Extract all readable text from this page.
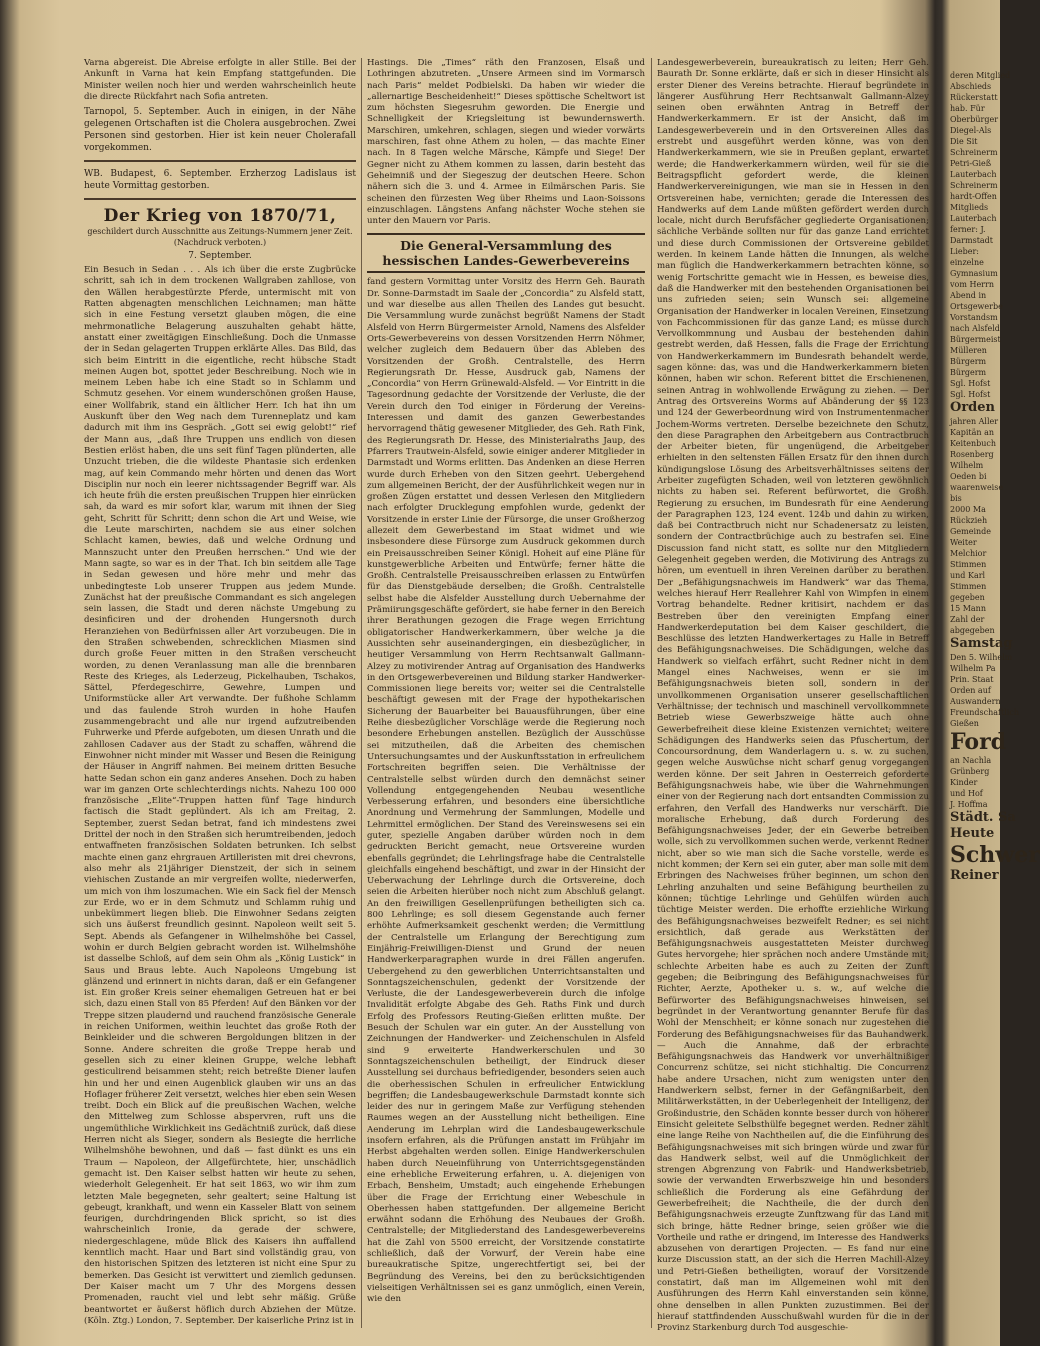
Varna abgereist. Die Abreise erfolgte in aller Stille. Bei der Ankunft in Varna hat kein Empfang stattgefunden. Die Minister weilen noch hier und werden wahrscheinlich heute die directe Rückfahrt nach Sofia antreten.

Tarnopol, 5. September. Auch in einigen, in der Nähe gelegenen Ortschaften ist die Cholera ausgebrochen. Zwei Personen sind gestorben. Hier ist kein neuer Cholerafall vorgekommen.

WB. Budapest, 6. September. Erzherzog Ladislaus ist heute Vormittag gestorben.

Der Krieg von 1870/71,

geschildert durch Ausschnitte aus Zeitungs-Nummern jener Zeit. (Nachdruck verboten.)

7. September.

Ein Besuch in Sedan . . . Als ich über die erste Zugbrücke schritt, sah ich in dem trockenen Wallgraben zahllose, von den Wällen herabgestürzte Pferde, untermischt mit von Ratten abgenagten menschlichen Leichnamen; man hätte sich in eine Festung versetzt glauben mögen, die eine mehrmonatliche Belagerung auszuhalten gehabt hätte, anstatt einer zweitägigen Einschließung. Doch die Unmasse der in Sedan gelagerten Truppen erklärte Alles. Das Bild, das sich beim Eintritt in die eigentliche, recht hübsche Stadt meinen Augen bot, spottet jeder Beschreibung. Noch wie in meinem Leben habe ich eine Stadt so in Schlamm und Schmutz gesehen. Vor einem wunderschönen großen Hause, einer Wollfabrik, stand ein ältlicher Herr. Ich hat ihn um Auskunft über den Weg nach dem Turenneplatz und kam dadurch mit ihm ins Gespräch. „Gott sei ewig gelobt!“ rief der Mann aus, „daß Ihre Truppen uns endlich von diesen Bestien erlöst haben, die uns seit fünf Tagen plünderten, alle Unzucht trieben, die die wildeste Phantasie sich erdenken mag, auf kein Commando mehr hörten und denen das Wort Disciplin nur noch ein leerer nichtssagender Begriff war. Als ich heute früh die ersten preußischen Truppen hier einrücken sah, da ward es mir sofort klar, warum mit ihnen der Sieg geht, Schritt für Schritt; denn schon die Art und Weise, wie die Leute marschirten, nachdem sie aus einer solchen Schlacht kamen, bewies, daß und welche Ordnung und Mannszucht unter den Preußen herrschen.“ Und wie der Mann sagte, so war es in der That. Ich bin seitdem alle Tage in Sedan gewesen und höre mehr und mehr das unbedingteste Lob unserer Truppen aus jedem Munde. Zunächst hat der preußische Commandant es sich angelegen sein lassen, die Stadt und deren nächste Umgebung zu desinficiren und der drohenden Hungersnoth durch Heranziehen von Bedürfnissen aller Art vorzubeugen. Die in den Straßen schwebenden, schrecklichen Miasmen sind durch große Feuer mitten in den Straßen verscheucht worden, zu denen Veranlassung man alle die brennbaren Reste des Krieges, als Lederzeug, Pickelhauben, Tschakos, Sättel, Pferdegeschirre, Gewehre, Lumpen und Uniformstücke aller Art verwandte. Der fußhohe Schlamm und das faulende Stroh wurden in hohe Haufen zusammengebracht und alle nur irgend aufzutreibenden Fuhrwerke und Pferde aufgeboten, um diesen Unrath und die zahllosen Cadaver aus der Stadt zu schaffen, während die Einwohner nicht minder mit Wasser und Besen die Reinigung der Häuser in Angriff nahmen. Bei meinem dritten Besuche hatte Sedan schon ein ganz anderes Ansehen. Doch zu haben war im ganzen Orte schlechterdings nichts. Nahezu 100 000 französische „Elite“-Truppen hatten fünf Tage hindurch factisch die Stadt geplündert. Als ich am Freitag, 2. September, zuerst Sedan betrat, fand ich mindestens zwei Drittel der noch in den Straßen sich herumtreibenden, jedoch entwaffneten französischen Soldaten betrunken. Ich selbst machte einen ganz ehrgrauen Artilleristen mit drei chevrons, also mehr als 21jähriger Dienstzeit, der sich in seinem viehischen Zustande an mir vergreifen wollte, niederwerfen, um mich von ihm loszumachen. Wie ein Sack fiel der Mensch zur Erde, wo er in dem Schmutz und Schlamm ruhig und unbekümmert liegen blieb. Die Einwohner Sedans zeigten sich uns äußerst freundlich gesinnt. Napoleon weilt seit 5. Sept. Abends als Gefangener in Wilhelmshöhe bei Cassel, wohin er durch Belgien gebracht worden ist. Wilhelmshöhe ist dasselbe Schloß, auf dem sein Ohm als „König Lustick“ in Saus und Braus lebte. Auch Napoleons Umgebung ist glänzend und erinnert in nichts daran, daß er ein Gefangener ist. Ein großer Kreis seiner ehemaligen Getreuen hat er bei sich, dazu einen Stall von 85 Pferden! Auf den Bänken vor der Treppe sitzen plaudernd und rauchend französische Generale in reichen Uniformen, weithin leuchtet das große Roth der Beinkleider und die schweren Bergoldungen blitzen in der Sonne. Andere schreiten die große Treppe herab und gesellen sich zu einer kleinen Gruppe, welche lebhaft gesticulirend beisammen steht; reich betreßte Diener laufen hin und her und einen Augenblick glauben wir uns an das Hoflager früherer Zeit versetzt, welches hier eben sein Wesen treibt. Doch ein Blick auf die preußischen Wachen, welche den Mittelweg zum Schlosse abspervren, ruft uns die ungemüthliche Wirklichkeit ins Gedächtniß zurück, daß diese Herren nicht als Sieger, sondern als Besiegte die herrliche Wilhelmshöhe bewohnen, und daß — fast dünkt es uns ein Traum — Napoleon, der Allgefürchtete, hier, unschädlich gemacht ist. Den Kaiser selbst hatten wir heute zu sehen, wiederholt Gelegenheit. Er hat seit 1863, wo wir ihm zum letzten Male begegneten, sehr gealtert; seine Haltung ist gebeugt, krankhaft, und wenn ein Kasseler Blatt von seinem feurigen, durchdringenden Blick spricht, so ist dies wahrscheinlich Ironie, da gerade der schwere, niedergeschlagene, müde Blick des Kaisers ihn auffallend kenntlich macht. Haar und Bart sind vollständig grau, von den historischen Spitzen des letzteren ist nicht eine Spur zu bemerken. Das Gesicht ist verwittert und ziemlich gedunsen. Der Kaiser macht um 7 Uhr des Morgens dessen Promenaden, raucht viel und lebt sehr mäßig. Grüße beantwortet er äußerst höflich durch Abziehen der Mütze. (Köln. Ztg.) London, 7. September. Der kaiserliche Prinz ist in

Hastings. Die „Times“ räth den Franzosen, Elsaß und Lothringen abzutreten. „Unsere Armeen sind im Vormarsch nach Paris“ meldet Podbielski. Da haben wir wieder die „allernartige Bescheidenheit!“ Dieses spöttische Scheltwort ist zum höchsten Siegesruhm geworden. Die Energie und Schnelligkeit der Kriegsleitung ist bewundernswerth. Marschiren, umkehren, schlagen, siegen und wieder vorwärts marschiren, fast ohne Athem zu holen, — das machte Einer nach. In 8 Tagen welche Märsche, Kämpfe und Siege! Der Gegner nicht zu Athem kommen zu lassen, darin besteht das Geheimniß und der Siegeszug der deutschen Heere. Schon nähern sich die 3. und 4. Armee in Eilmärschen Paris. Sie scheinen den fürzesten Weg über Rheims und Laon-Soissons einzuschlagen. Längstens Anfang nächster Woche stehen sie unter den Mauern vor Paris.

Die General-Versammlung des hessischen Landes-Gewerbevereins

fand gestern Vormittag unter Vorsitz des Herrn Geh. Baurath Dr. Sonne-Darmstadt im Saale der „Concordia“ zu Alsfeld statt, und war dieselbe aus allen Theilen des Landes gut besucht. Die Versammlung wurde zunächst begrüßt Namens der Stadt Alsfeld von Herrn Bürgermeister Arnold, Namens des Alsfelder Orts-Gewerbevereins von dessen Vorsitzenden Herrn Nöhmer, welcher zugleich dem Bedauern über das Ableben des Vorsitzenden der Großh. Centralstelle, des Herrn Regierungsrath Dr. Hesse, Ausdruck gab, Namens der „Concordia“ von Herrn Grünewald-Alsfeld. — Vor Eintritt in die Tagesordnung gedachte der Vorsitzende der Verluste, die der Verein durch den Tod einiger in Förderung der Vereins-Interessen und damit des ganzen Gewerbestandes hervorragend thätig gewesener Mitglieder, des Geh. Rath Fink, des Regierungsrath Dr. Hesse, des Ministerialraths Jaup, des Pfarrers Trautwein-Alsfeld, sowie einiger anderer Mitglieder in Darmstadt und Worms erlitten. Das Andenken an diese Herren wurde durch Erheben von den Sitzen geehrt. Uebergehend zum allgemeinen Bericht, der der Ausführlichkeit wegen nur in großen Zügen erstattet und dessen Verlesen den Mitgliedern nach erfolgter Drucklegung empfohlen wurde, gedenkt der Vorsitzende in erster Linie der Fürsorge, die unser Großherzog allezeit dem Gewerbestand im Staat widmet und wie insbesondere diese Fürsorge zum Ausdruck gekommen durch ein Preisausschreiben Seiner Königl. Hoheit auf eine Pläne für kunstgewerbliche Arbeiten und Entwürfe; ferner hätte die Großh. Centralstelle Preisausschreiben erlassen zu Entwürfen für das Dienstgebäude derselben; die Großh. Centralstelle selbst habe die Alsfelder Ausstellung durch Uebernahme der Prämiirungsgeschäfte gefördert, sie habe ferner in den Bereich ihrer Berathungen gezogen die Frage wegen Errichtung obligatorischer Handwerkerkammern, über welche ja die Aussichten sehr auseinandergingen, ein diesbezüglicher, in heutiger Versammlung von Herrn Rechtsanwalt Gallmann-Alzey zu motivirender Antrag auf Organisation des Handwerks in den Ortsgewerbevereinen und Bildung starker Handwerker-Commissionen liege bereits vor; weiter sei die Centralstelle beschäftigt gewesen mit der Frage der hypothekarischen Sicherung der Bauarbeiter bei Bauausführungen, über eine Reihe diesbezüglicher Vorschläge werde die Regierung noch besondere Erhebungen anstellen. Bezüglich der Ausschüsse sei mitzutheilen, daß die Arbeiten des chemischen Untersuchungsamtes und der Auskunftsstation in erfreulichem Fortschreiten begriffen seien. Die Verhältnisse der Centralstelle selbst würden durch den demnächst seiner Vollendung entgegengehenden Neubau wesentliche Verbesserung erfahren, und besonders eine übersichtliche Anordnung und Vermehrung der Sammlungen, Modelle und Lehrmittel ermöglichen. Der Stand des Vereinswesens sei ein guter, spezielle Angaben darüber würden noch in dem gedruckten Bericht gemacht, neue Ortsvereine wurden ebenfalls gegründet; die Lehrlingsfrage habe die Centralstelle gleichfalls eingehend beschäftigt, und zwar in der Hinsicht der Ueberwachung der Lehrlinge durch die Ortsvereine, doch seien die Arbeiten hierüber noch nicht zum Abschluß gelangt. An den freiwilligen Gesellenprüfungen betheiligten sich ca. 800 Lehrlinge; es soll diesem Gegenstande auch ferner erhöhte Aufmerksamkeit geschenkt werden; die Vermittlung der Centralstelle um Erlangung der Berechtigung zum Einjährig-Freiwilligen-Dienst und Grund der neuen Handwerkerparagraphen wurde in drei Fällen angerufen. Uebergehend zu den gewerblichen Unterrichtsanstalten und Sonntagszeichenschulen, gedenkt der Vorsitzende der Verluste, die der Landesgewerbeverein durch die infolge Invalidität erfolgte Abgabe des Geh. Raths Fink und durch Erfolg des Professors Reuting-Gießen erlitten mußte. Der Besuch der Schulen war ein guter. An der Ausstellung von Zeichnungen der Handwerker- und Zeichenschulen in Alsfeld sind 9 erweiterte Handwerkerschulen und 30 Sonntagszeichenschulen betheiligt, der Eindruck dieser Ausstellung sei durchaus befriedigender, besonders seien auch die oberhessischen Schulen in erfreulicher Entwicklung begriffen; die Landesbaugewerkschule Darmstadt konnte sich leider des nur in geringem Maße zur Verfügung stehenden Raumes wegen an der Ausstellung nicht betheiligen. Eine Aenderung im Lehrplan wird die Landesbaugewerkschule insofern erfahren, als die Prüfungen anstatt im Frühjahr im Herbst abgehalten werden sollen. Einige Handwerkerschulen haben durch Neueinführung von Unterrichtsgegenständen eine erhebliche Erweiterung erfahren, u. A. diejenigen von Erbach, Bensheim, Umstadt; auch eingehende Erhebungen über die Frage der Errichtung einer Webeschule in Oberhessen haben stattgefunden. Der allgemeine Bericht erwähnt sodann die Erhöhung des Neubaues der Großh. Centralstelle; der Mitgliederstand des Landesgewerbevereins hat die Zahl von 5500 erreicht, der Vorsitzende constatirte schließlich, daß der Vorwurf, der Verein habe eine bureaukratische Spitze, ungerechtfertigt sei, bei der Begründung des Vereins, bei den zu berücksichtigenden vielseitigen Verhältnissen sei es ganz unmöglich, einen Verein, wie den

Landesgewerbeverein, bureaukratisch zu leiten; Herr Geh. Baurath Dr. Sonne erklärte, daß er sich in dieser Hinsicht als erster Diener des Vereins betrachte. Hierauf begründete in längerer Ausführung Herr Rechtsanwalt Gallmann-Alzey seinen oben erwähnten Antrag in Betreff der Handwerkerkammern. Er ist der Ansicht, daß im Landesgewerbeverein und in den Ortsvereinen Alles das erstrebt und ausgeführt werden könne, was von den Handwerkerkammern, wie sie in Preußen geplant, erwartet werde; die Handwerkerkammern würden, weil für sie die Beitragspflicht gefordert werde, die kleinen Handwerkervereinigungen, wie man sie in Hessen in den Ortsvereinen habe, vernichten; gerade die Interessen des Handwerks auf dem Lande müßten gefördert werden durch locale, nicht durch Berufsfächer gegliederte Organisationen; sächliche Verbände sollten nur für das ganze Land errichtet und diese durch Commissionen der Ortsvereine gebildet werden. In keinem Lande hätten die Innungen, als welche man füglich die Handwerkerkammern betrachten könne, so wenig Fortschritte gemacht wie in Hessen, es beweise dies, daß die Handwerker mit den bestehenden Organisationen bei uns zufrieden seien; sein Wunsch sei: allgemeine Organisation der Handwerker in localen Vereinen, Einsetzung von Fachcommissionen für das ganze Land; es müsse durch Vervollkommnung und Ausbau der bestehenden dahin gestrebt werden, daß Hessen, falls die Frage der Errichtung von Handwerkerkammern im Bundesrath behandelt werde, sagen könne: das, was und die Handwerkerkammern bieten können, haben wir schon. Referent bittet die Erschienenen, seinen Antrag in wohlwollende Erwägung zu ziehen. — Der Antrag des Ortsvereins Worms auf Abänderung der §§ 123 und 124 der Gewerbeordnung wird von Instrumentenmacher Jochem-Worms vertreten. Derselbe bezeichnete den Schutz, den diese Paragraphen den Arbeitgebern aus Contractbruch der Arbeiter bieten, für ungenügend, die Arbeitgeber erhielten in den seltensten Fällen Ersatz für den ihnen durch kündigungslose Lösung des Arbeitsverhältnisses seitens der Arbeiter zugefügten Schaden, weil von letzteren gewöhnlich nichts zu haben sei. Referent befürwortet, die Großh. Regierung zu ersuchen, im Bundesrath für eine Aenderung der Paragraphen 123, 124 event. 124b und dahin zu wirken, daß bei Contractbruch nicht nur Schadenersatz zu leisten, sondern der Contractbrüchige auch zu bestrafen sei. Eine Discussion fand nicht statt, es sollte nur den Mitgliedern Gelegenheit gegeben werden, die Motivirung des Antrags zu hören, um eventuell in ihren Vereinen darüber zu berathen. Der „Befähigungsnachweis im Handwerk“ war das Thema, welches hierauf Herr Reallehrer Kahl von Wimpfen in einem Vortrag behandelte. Redner kritisirt, nachdem er das Bestreben über den vereinigten Empfang einer Handwerkerdeputation bei dem Kaiser geschildert, die Beschlüsse des letzten Handwerkertages zu Halle in Betreff des Befähigungsnachweises. Die Schädigungen, welche das Handwerk so vielfach erfährt, sucht Redner nicht in dem Mangel eines Nachweises, wenn er sie im Befähigungsnachweis bieten soll, sondern in der unvollkommenen Organisation unserer gesellschaftlichen Verhältnisse; der technisch und maschinell vervollkommnete Betrieb wiese Gewerbszweige hätte auch ohne Gewerbefreiheit diese kleine Existenzen vernichtet; weitere Schädigungen des Handwerks seien das Pfuschertum, der Concoursordnung, dem Wanderlagern u. s. w. zu suchen, gegen welche Auswüchse nicht scharf genug vorgegangen werden könne. Der seit Jahren in Oesterreich geforderte Befähigungsnachweis habe, wie über die Wahrnehmungen einer von der Regierung nach dort entsandten Commission zu erfahren, den Verfall des Handwerks nur verschärft. Die moralische Erhebung, daß durch Forderung des Befähigungsnachweises Jeder, der ein Gewerbe betreiben wolle, sich zu vervollkommen suchen werde, verkennt Redner nicht, aber so wie man sich die Sache vorstelle, werde es nicht kommen; der Kern sei ein guter, aber man solle mit dem Erbringen des Nachweises früher beginnen, um schon den Lehrling anzuhalten und seine Befähigung beurtheilen zu können; tüchtige Lehrlinge und Gehülfen würden auch tüchtige Meister werden. Die erhoffte erziehliche Wirkung des Befähigungsnachweises bezweifelt Redner; es sei nicht ersichtlich, daß gerade aus Werkstätten der Befähigungsnachweis ausgestatteten Meister durchweg Gutes hervorgehe; hier sprächen noch andere Umstände mit; schlechte Arbeiten habe es auch zu Zeiten der Zunft gegeben; die Beibringung des Befähigungsnachweises für Richter, Aerzte, Apotheker u. s. w., auf welche die Befürworter des Befähigungsnachweises hinweisen, sei begründet in der Verantwortung genannter Berufe für das Wohl der Menschheit; er könne sonach nur zugestehen die Forderung des Befähigungsnachweises für das Bauhandwerk. — Auch die Annahme, daß der erbrachte Befähigungsnachweis das Handwerk vor unverhältnißiger Concurrenz schütze, sei nicht stichhaltig. Die Concurrenz habe andere Ursachen, nicht zum wenigsten unter den Handwerkern selbst, ferner in der Gefängnißarbeit, den Militärwerkstätten, in der Ueberlegenheit der Intelligenz, der Großindustrie, den Schäden konnte besser durch von höherer Einsicht geleitete Selbsthülfe begegnet werden. Redner zählt eine lange Reihe von Nachtheilen auf, die die Einführung des Befähigungsnachweises mit sich bringen würde und zwar für das Handwerk selbst, weil auf die Unmöglichkeit der strengen Abgrenzung von Fabrik- und Handwerksbetrieb, sowie der verwandten Erwerbszweige hin und besonders schließlich die Forderung als eine Gefährdung der Gewerbefreiheit; die Nachtheile, die der durch den Befähigungsnachweis erzeugte Zunftzwang für das Land mit sich bringe, hätte Redner bringe, seien größer wie die Vortheile und rathe er dringend, im Interesse des Handwerks abzusehen von derartigen Projecten. — Es fand nur eine kurze Discussion statt, an der sich die Herren Machill-Alzey und Petri-Gießen betheiligten, worauf der Vorsitzende constatirt, daß man im Allgemeinen wohl mit den Ausführungen des Herrn Kahl einverstanden sein könne, ohne denselben in allen Punkten zuzustimmen. Bei der hierauf stattfindenden Ausschußwahl wurden für die in der Provinz Starkenburg durch Tod ausgeschie-

deren Mitglied
Abschieds
Rückerstatt
hab. Für
Oberbürger
Diegel-Als
Die Sit
Schreinerm
Petri-Gieß
Lauterbach
Schreinerm
hardt-Offen
Mitglieds
Lauterbach
ferner: J.
Darmstadt
Lieber:
einzelne
Gymnasium
vom Herrn
Abend in
Ortsgewerbe
Vorstandsm
nach Alsfeld
Bürgermeist
Mülleren
Bürgerm
Bürgerm
Sgl. Hofst
Sgl. Hofst
Orden
jahren Aller
Kapitän an
Keitenbuch
Rosenberg
Wilhelm
Oeden bi
waarenweise
bis
2000 Ma
Rückzieh
Gemeinde
Weiter
Melchior
Stimmen
und Karl
Stimmen
gegeben
15 Mann
Zahl der
abgegeben
Samstag
Den 5. Wilhelm
Wilhelm Pa
Prin. Staat
Orden auf
Auswandern
Freundschaftlich
Gießen
Ford
an Nachla
Grünberg
Kinder
und Hof
J. Hoffma
Städt. Sa
Heute
Schwer
Reiner
